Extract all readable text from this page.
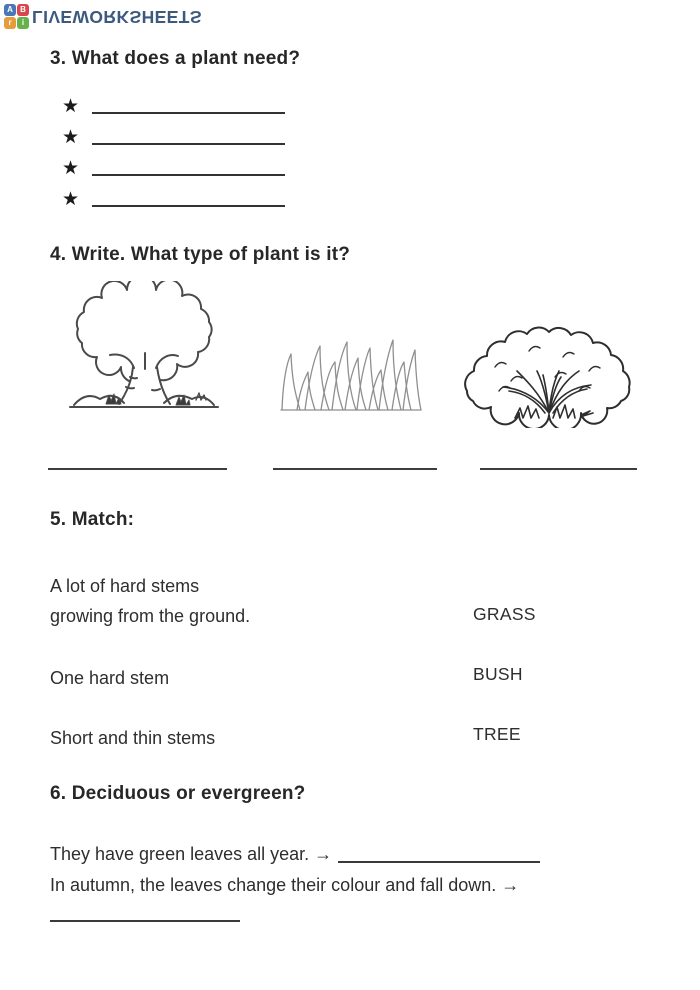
A B
r	i LIVEWORKSHEETS
3. What does a plant need?
★
★
★
★
4. Write. What type of plant is it?
5. Match:
A lot of hard stems
growing from the ground.	GRASS
One hard stem	BUSH
Short and thin stems	TREE
6. Deciduous or evergreen?
They have green leaves all year. →
In autumn, the leaves change their colour and fall down. →
